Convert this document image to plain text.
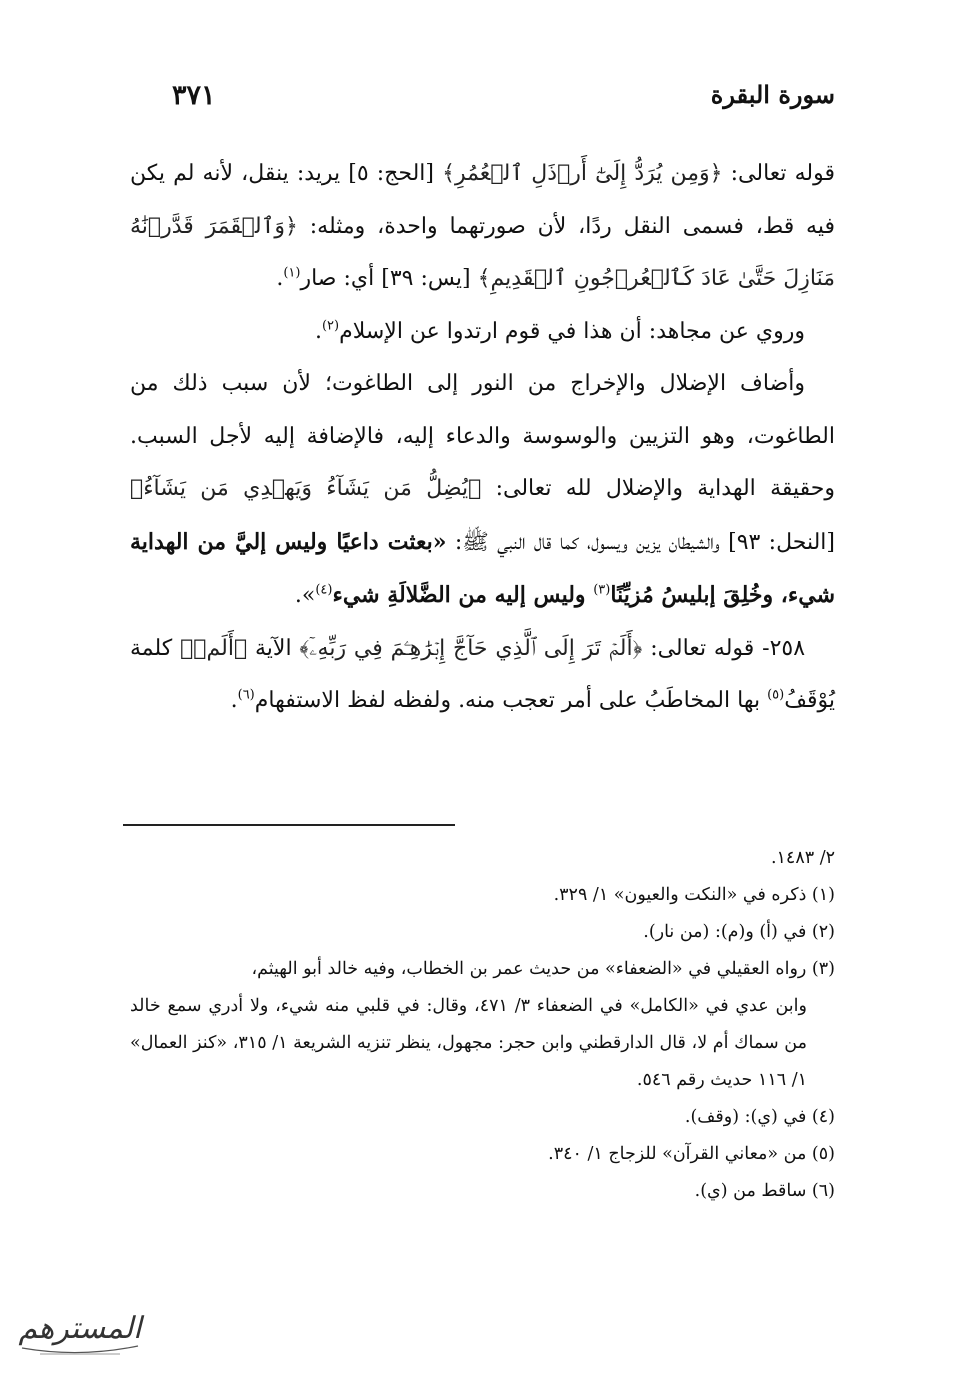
سورة البقرة
٣٧١

قوله تعالى: ﴿وَمِن يُرَدُّ إِلَىٰٓ أَرۡذَلِ ٱلۡعُمُرِ﴾ [الحج: ٥] يريد: ينقل، لأنه لم يكن فيه قط، فسمى النقل ردًا، لأن صورتهما واحدة، ومثله: ﴿وَٱلۡقَمَرَ قَدَّرۡنَٰهُ مَنَازِلَ حَتَّىٰ عَادَ كَٱلۡعُرۡجُونِ ٱلۡقَدِيمِ﴾ [يس: ٣٩] أي: صار$^{(١)}$.

وروي عن مجاهد: أن هذا في قوم ارتدوا عن الإسلام$^{(٢)}$.

وأضاف الإضلال والإخراج من النور إلى الطاغوت؛ لأن سبب ذلك من الطاغوت، وهو التزيين والوسوسة والدعاء إليه، فالإضافة إليه لأجل السبب. وحقيقة الهداية والإضلال لله تعالى: ﴿يُضِلُّ مَن يَشَآءُ وَيَهۡدِي مَن يَشَآءُ﴾ [النحل: ٩٣] والشيطان يزين ويسول، كما قال النبي ﷺ: «بعثت داعيًا وليس إليَّ من الهداية شيء، وخُلِقَ إبليسُ مُزيِّنًا$^{(٣)}$ وليس إليه من الضَّلالَةِ شيء$^{(٤)}$».

٢٥٨- قوله تعالى: ﴿أَلَمۡ تَرَ إِلَى ٱلَّذِي حَآجَّ إِبۡرَٰهِـۧمَ فِي رَبِّهِۦٓ﴾ الآية ﴿أَلَمۡ﴾ كلمة يُوْقَفُ$^{(٥)}$ بها المخاطَبُ على أمر تعجب منه. ولفظه لفظ الاستفهام$^{(٦)}$.

٢/ ١٤٨٣.

(١) ذكره في «النكت والعيون» ١/ ٣٢٩.

(٢) في (أ) و(م): (من نار).

(٣) رواه العقيلي في «الضعفاء» من حديث عمر بن الخطاب، وفيه خالد أبو الهيثم،

وابن عدي في «الكامل» في الضعفاء ٣/ ٤٧١، وقال: في قلبي منه شيء، ولا أدري سمع خالد من سماك أم لا، قال الدارقطني وابن حجر: مجهول، ينظر تنزيه الشريعة ١/ ٣١٥، «كنز العمال» ١/ ١١٦ حديث رقم ٥٤٦.

(٤) في (ي): (وقف).

(٥) من «معاني القرآن» للزجاج ١/ ٣٤٠.

(٦) ساقط من (ي).

المسترهم
